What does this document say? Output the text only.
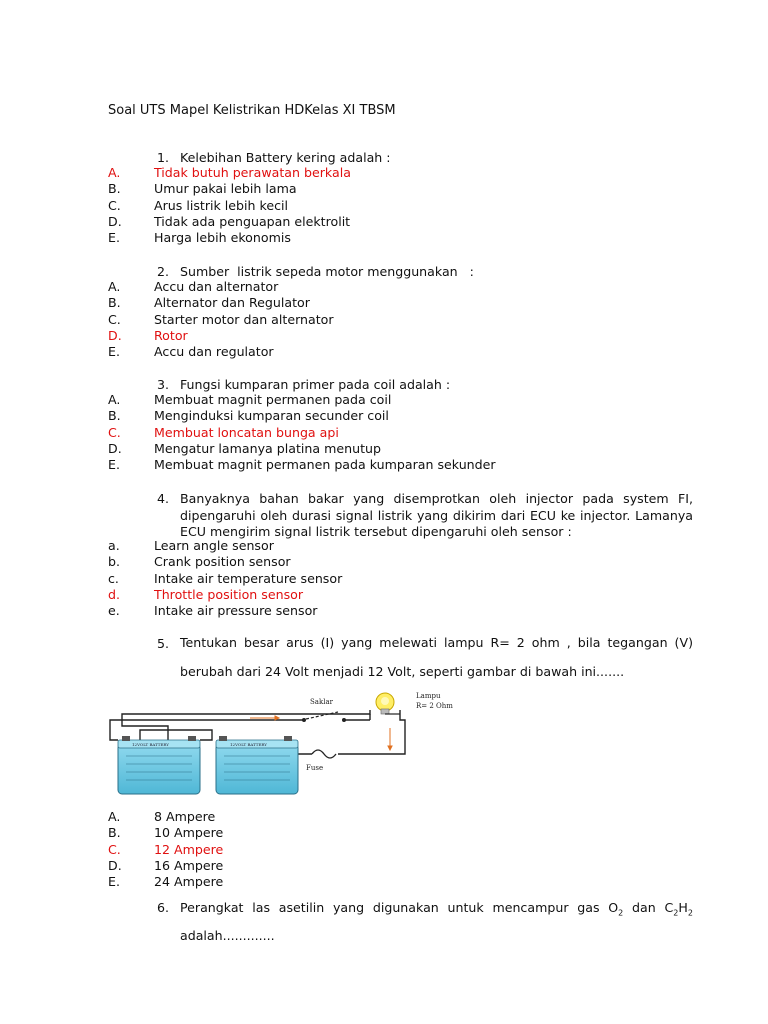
Soal UTS Mapel Kelistrikan HDKelas XI TBSM
1. Kelebihan Battery kering adalah :
A.	Tidak butuh perawatan berkala
B.	Umur pakai lebih lama
C.	Arus listrik lebih kecil
D.	Tidak ada penguapan elektrolit
E.	Harga lebih ekonomis
2. Sumber  listrik sepeda motor menggunakan   :
A.	Accu dan alternator
B.	Alternator dan Regulator
C.	Starter motor dan alternator
D.	Rotor
E.	Accu dan regulator
3. Fungsi kumparan primer pada coil adalah :
A.	Membuat magnit permanen pada coil
B.	Menginduksi kumparan secunder coil
C.	Membuat loncatan bunga api
D.	Mengatur lamanya platina menutup
E.	Membuat magnit permanen pada kumparan sekunder
4. Banyaknya bahan bakar yang disemprotkan oleh injector pada system FI,
dipengaruhi oleh durasi signal listrik yang dikirim dari ECU ke injector. Lamanya
ECU mengirim signal listrik tersebut dipengaruhi oleh sensor :
a.	Learn angle sensor
b.	Crank position sensor
c.	Intake air temperature sensor
d.	Throttle position sensor
e.	Intake air pressure sensor
5. Tentukan besar arus (I) yang melewati lampu R= 2 ohm , bila tegangan (V)
berubah dari 24 Volt menjadi 12 Volt, seperti gambar di bawah ini.......
Saklar
Lampu
R= 2 Ohm
Fuse
12VOLT BATTERY	12VOLT BATTERY
A.	8 Ampere
B.	10 Ampere
C.	12 Ampere
D.	16 Ampere
E.	24 Ampere
6. Perangkat las asetilin yang digunakan untuk mencampur gas $O_2$ dan $C_2H_2$
adalah.............
